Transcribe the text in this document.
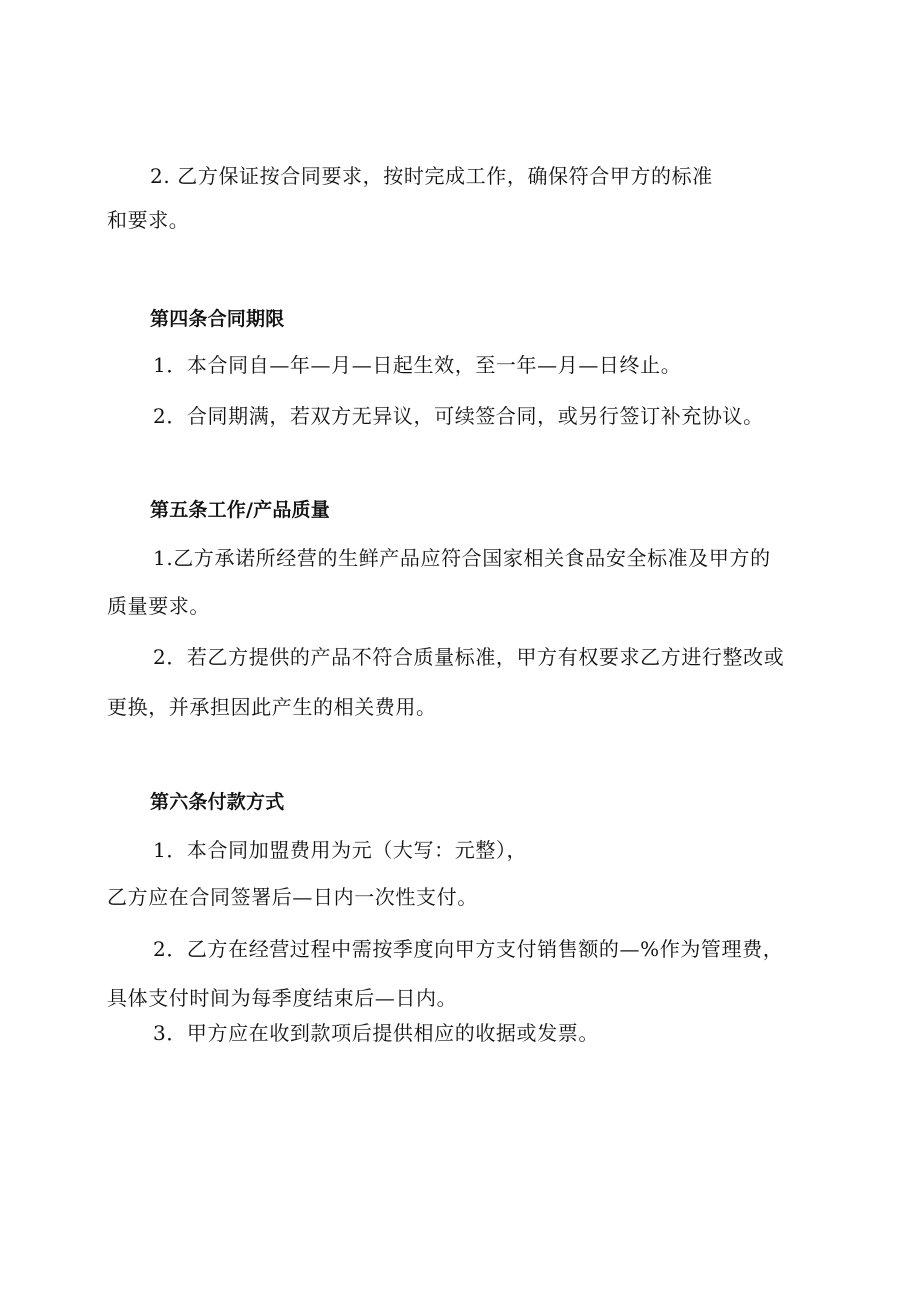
2. 乙方保证按合同要求，按时完成工作，确保符合甲方的标准
和要求。
第四条合同期限
1．本合同自—年—月—日起生效，至一年—月—日终止。
2．合同期满，若双方无异议，可续签合同，或另行签订补充协议。
第五条工作/产品质量
1.乙方承诺所经营的生鲜产品应符合国家相关食品安全标准及甲方的
质量要求。
2．若乙方提供的产品不符合质量标准，甲方有权要求乙方进行整改或
更换，并承担因此产生的相关费用。
第六条付款方式
1．本合同加盟费用为元（大写：元整），
乙方应在合同签署后—日内一次性支付。
2．乙方在经营过程中需按季度向甲方支付销售额的—%作为管理费，
具体支付时间为每季度结束后—日内。
3．甲方应在收到款项后提供相应的收据或发票。
